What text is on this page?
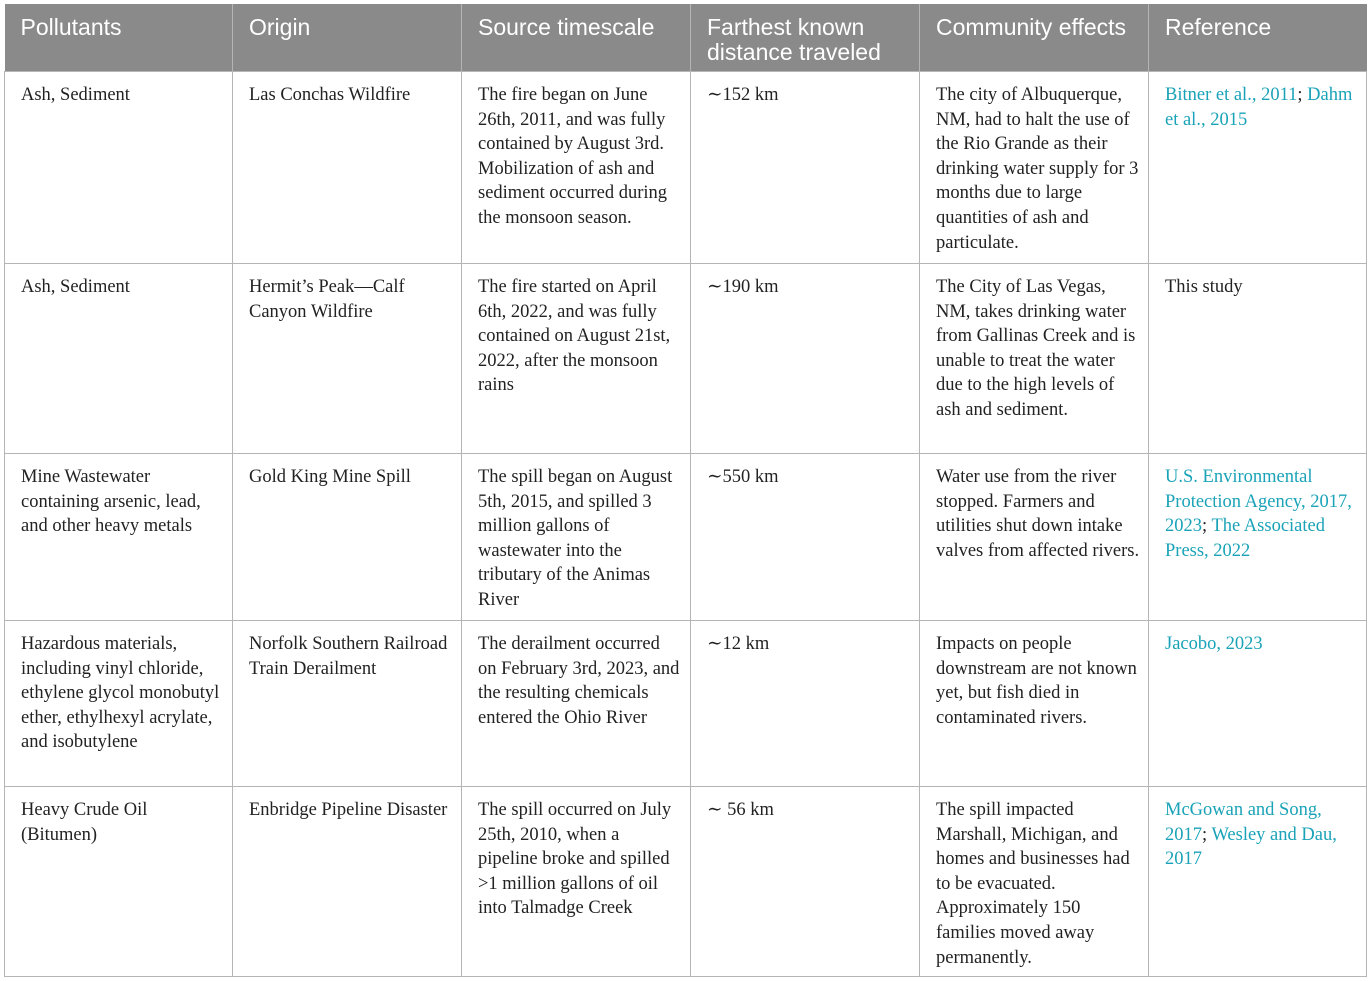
Pollutants	Origin	Source timescale	Farthest known distance traveled	Community effects	Reference
Ash, Sediment	Las Conchas Wildfire	The fire began on June 26th, 2011, and was fully contained by August 3rd. Mobilization of ash and sediment occurred during the monsoon season.	∼152 km	The city of Albuquerque, NM, had to halt the use of the Rio Grande as their drinking water supply for 3 months due to large quantities of ash and particulate.	Bitner et al., 2011; Dahm et al., 2015
Ash, Sediment	Hermit’s Peak—Calf Canyon Wildfire	The fire started on April 6th, 2022, and was fully contained on August 21st, 2022, after the monsoon rains	∼190 km	The City of Las Vegas, NM, takes drinking water from Gallinas Creek and is unable to treat the water due to the high levels of ash and sediment.	This study
Mine Wastewater containing arsenic, lead, and other heavy metals	Gold King Mine Spill	The spill began on August 5th, 2015, and spilled 3 million gallons of wastewater into the tributary of the Animas River	∼550 km	Water use from the river stopped. Farmers and utilities shut down intake valves from affected rivers.	U.S. Environmental Protection Agency, 2017, 2023; The Associated Press, 2022
Hazardous materials, including vinyl chloride, ethylene glycol monobutyl ether, ethylhexyl acrylate, and isobutylene	Norfolk Southern Railroad Train Derailment	The derailment occurred on February 3rd, 2023, and the resulting chemicals entered the Ohio River	∼12 km	Impacts on people downstream are not known yet, but fish died in contaminated rivers.	Jacobo, 2023
Heavy Crude Oil (Bitumen)	Enbridge Pipeline Disaster	The spill occurred on July 25th, 2010, when a pipeline broke and spilled >1 million gallons of oil into Talmadge Creek	∼ 56 km	The spill impacted Marshall, Michigan, and homes and businesses had to be evacuated. Approximately 150 families moved away permanently.	McGowan and Song, 2017; Wesley and Dau, 2017
